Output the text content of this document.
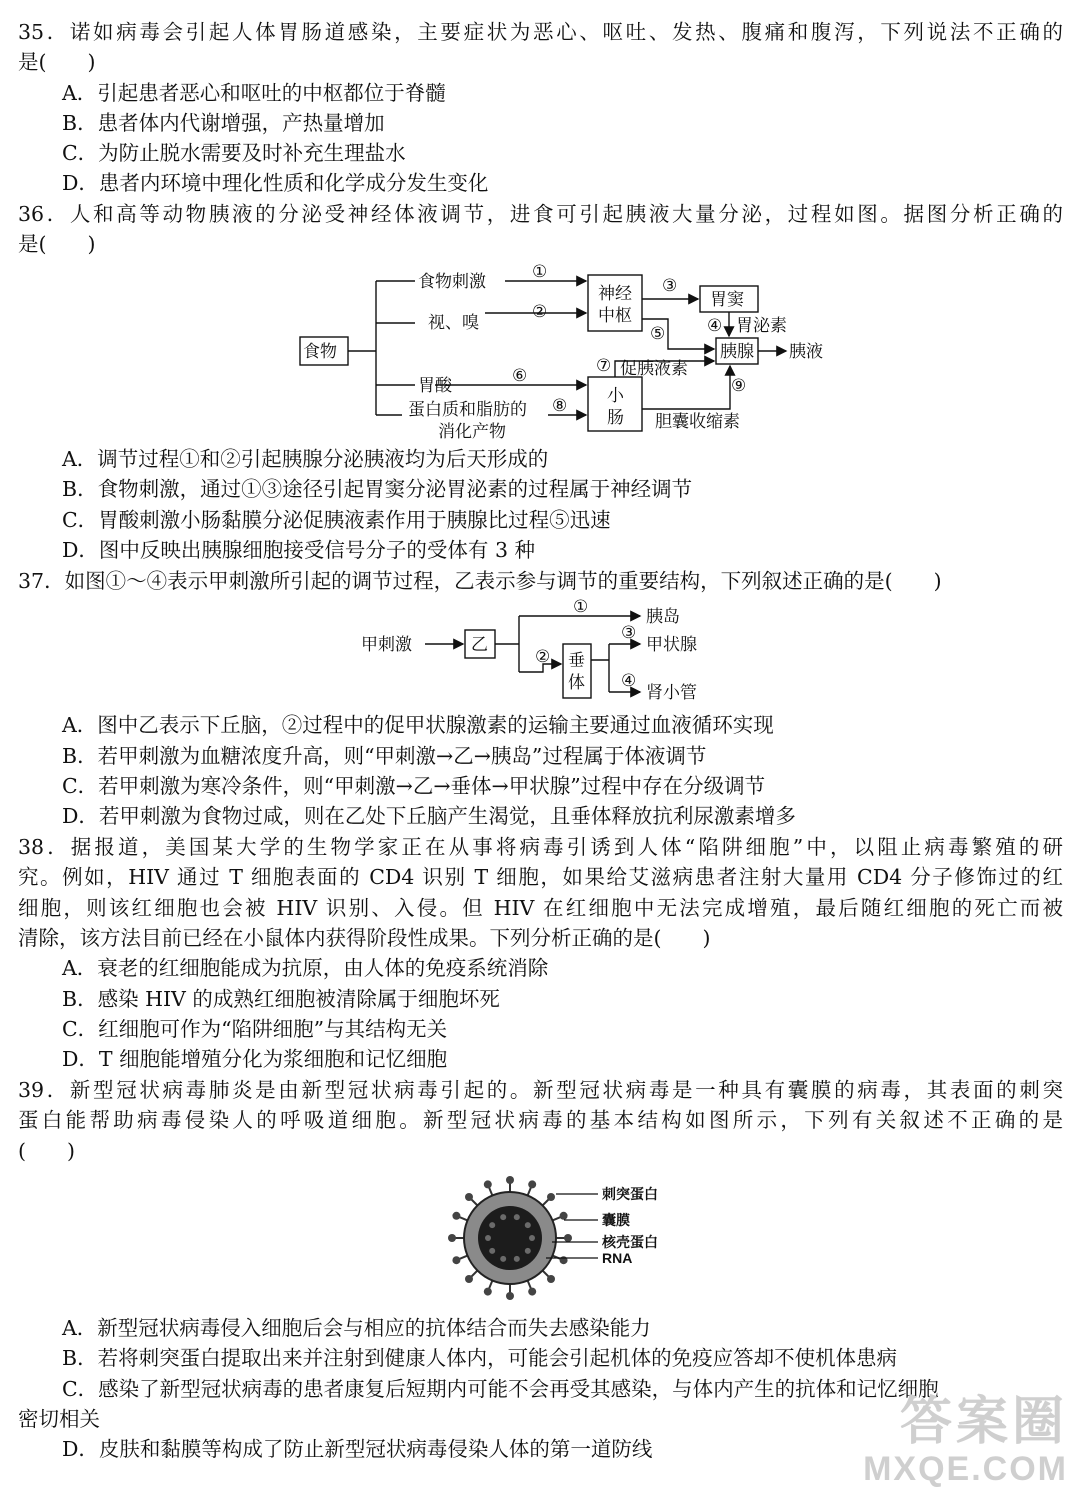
35．诺如病毒会引起人体胃肠道感染，主要症状为恶心、呕吐、发热、腹痛和腹泻，下列说法不正确的
是(　　)
A．引起患者恶心和呕吐的中枢都位于脊髓
B．患者体内代谢增强，产热量增加
C．为防止脱水需要及时补充生理盐水
D．患者内环境中理化性质和化学成分发生变化
36．人和高等动物胰液的分泌受神经体液调节，进食可引起胰液大量分泌，过程如图。据图分析正确的
是(　　)
食物
食物刺激
视、嗅
胃酸
蛋白质和脂肪的
消化产物
神经
中枢
胃窦
胃泌素
胰腺 胰液
小
肠
促胰液素
胆囊收缩素
①
②
③
④
⑤
⑥	⑦
⑧
⑨
A．调节过程①和②引起胰腺分泌胰液均为后天形成的
B．食物刺激，通过①③途径引起胃窦分泌胃泌素的过程属于神经调节
C．胃酸刺激小肠黏膜分泌促胰液素作用于胰腺比过程⑤迅速
D．图中反映出胰腺细胞接受信号分子的受体有 3 种
37．如图①～④表示甲刺激所引起的调节过程，乙表示参与调节的重要结构，下列叙述正确的是(　　)
甲刺激	乙
垂
体
胰岛
甲状腺
肾小管
①
②
③
④
A．图中乙表示下丘脑，②过程中的促甲状腺激素的运输主要通过血液循环实现
B．若甲刺激为血糖浓度升高，则“甲刺激→乙→胰岛”过程属于体液调节
C．若甲刺激为寒冷条件，则“甲刺激→乙→垂体→甲状腺”过程中存在分级调节
D．若甲刺激为食物过咸，则在乙处下丘脑产生渴觉，且垂体释放抗利尿激素增多
38．据报道，美国某大学的生物学家正在从事将病毒引诱到人体“陷阱细胞”中，以阻止病毒繁殖的研
究。例如，HIV 通过 T 细胞表面的 CD4 识别 T 细胞，如果给艾滋病患者注射大量用 CD4 分子修饰过的红
细胞，则该红细胞也会被 HIV 识别、入侵。但 HIV 在红细胞中无法完成增殖，最后随红细胞的死亡而被
清除，该方法目前已经在小鼠体内获得阶段性成果。下列分析正确的是(　　)
A．衰老的红细胞能成为抗原，由人体的免疫系统消除
B．感染 HIV 的成熟红细胞被清除属于细胞坏死
C．红细胞可作为“陷阱细胞”与其结构无关
D．T 细胞能增殖分化为浆细胞和记忆细胞
39．新型冠状病毒肺炎是由新型冠状病毒引起的。新型冠状病毒是一种具有囊膜的病毒，其表面的刺突
蛋白能帮助病毒侵染人的呼吸道细胞。新型冠状病毒的基本结构如图所示，下列有关叙述不正确的是
(　　)
刺突蛋白
囊膜
核壳蛋白
RNA
A．新型冠状病毒侵入细胞后会与相应的抗体结合而失去感染能力
B．若将刺突蛋白提取出来并注射到健康人体内，可能会引起机体的免疫应答却不使机体患病
C．感染了新型冠状病毒的患者康复后短期内可能不会再受其感染，与体内产生的抗体和记忆细胞
密切相关
D．皮肤和黏膜等构成了防止新型冠状病毒侵染人体的第一道防线	答案圈
MXQE.COM
